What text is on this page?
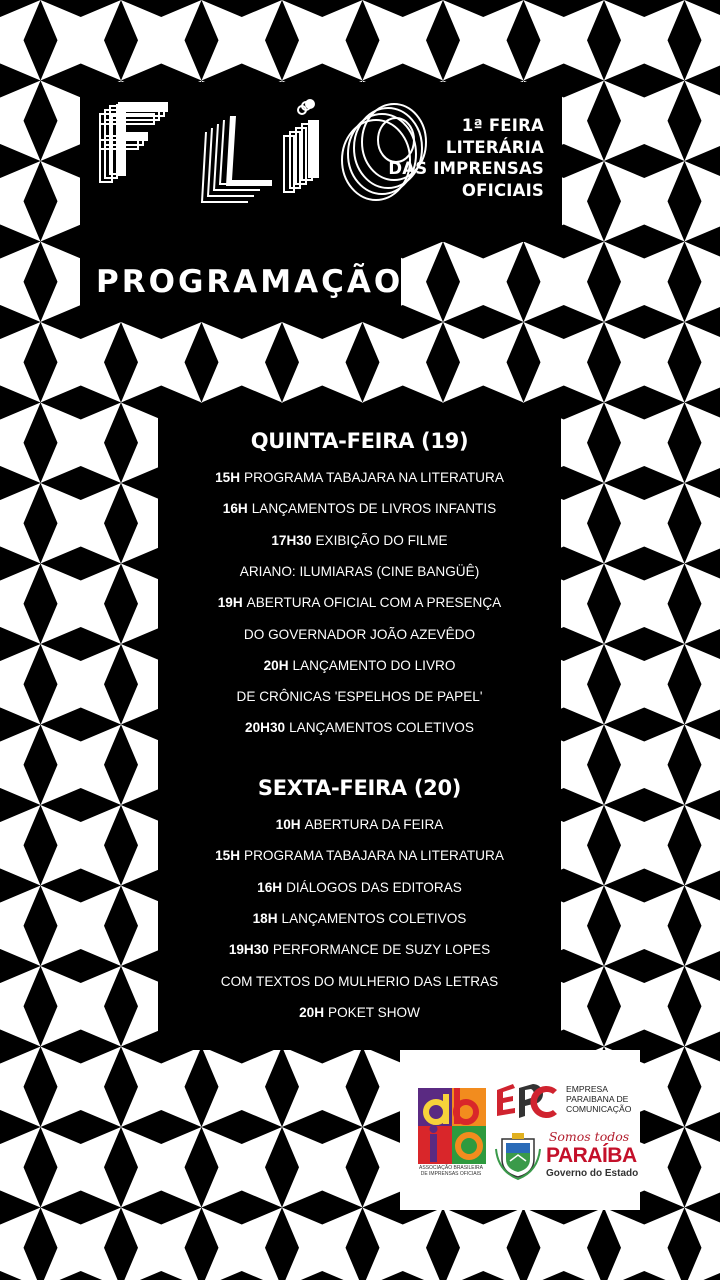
1ª FEIRA
LITERÁRIA
DAS IMPRENSAS
OFICIAIS
PROGRAMAÇÃO
QUINTA-FEIRA (19)
15H PROGRAMA TABAJARA NA LITERATURA
16H LANÇAMENTOS DE LIVROS INFANTIS
17H30 EXIBIÇÃO DO FILME
ARIANO: ILUMIARAS (CINE BANGÜÊ)
19H ABERTURA OFICIAL COM A PRESENÇA
DO GOVERNADOR JOÃO AZEVÊDO
20H LANÇAMENTO DO LIVRO
DE CRÔNICAS 'ESPELHOS DE PAPEL'
20H30 LANÇAMENTOS COLETIVOS
SEXTA-FEIRA (20)
10H ABERTURA DA FEIRA
15H PROGRAMA TABAJARA NA LITERATURA
16H DIÁLOGOS DAS EDITORAS
18H LANÇAMENTOS COLETIVOS
19H30 PERFORMANCE DE SUZY LOPES
COM TEXTOS DO MULHERIO DAS LETRAS
20H POKET SHOW
ASSOCIAÇÃO BRASILEIRA
DE IMPRENSAS OFICIAIS
EMPRESA
PARAIBANA DE
COMUNICAÇÃO
Somos todos
PARAÍBA
Governo do Estado
